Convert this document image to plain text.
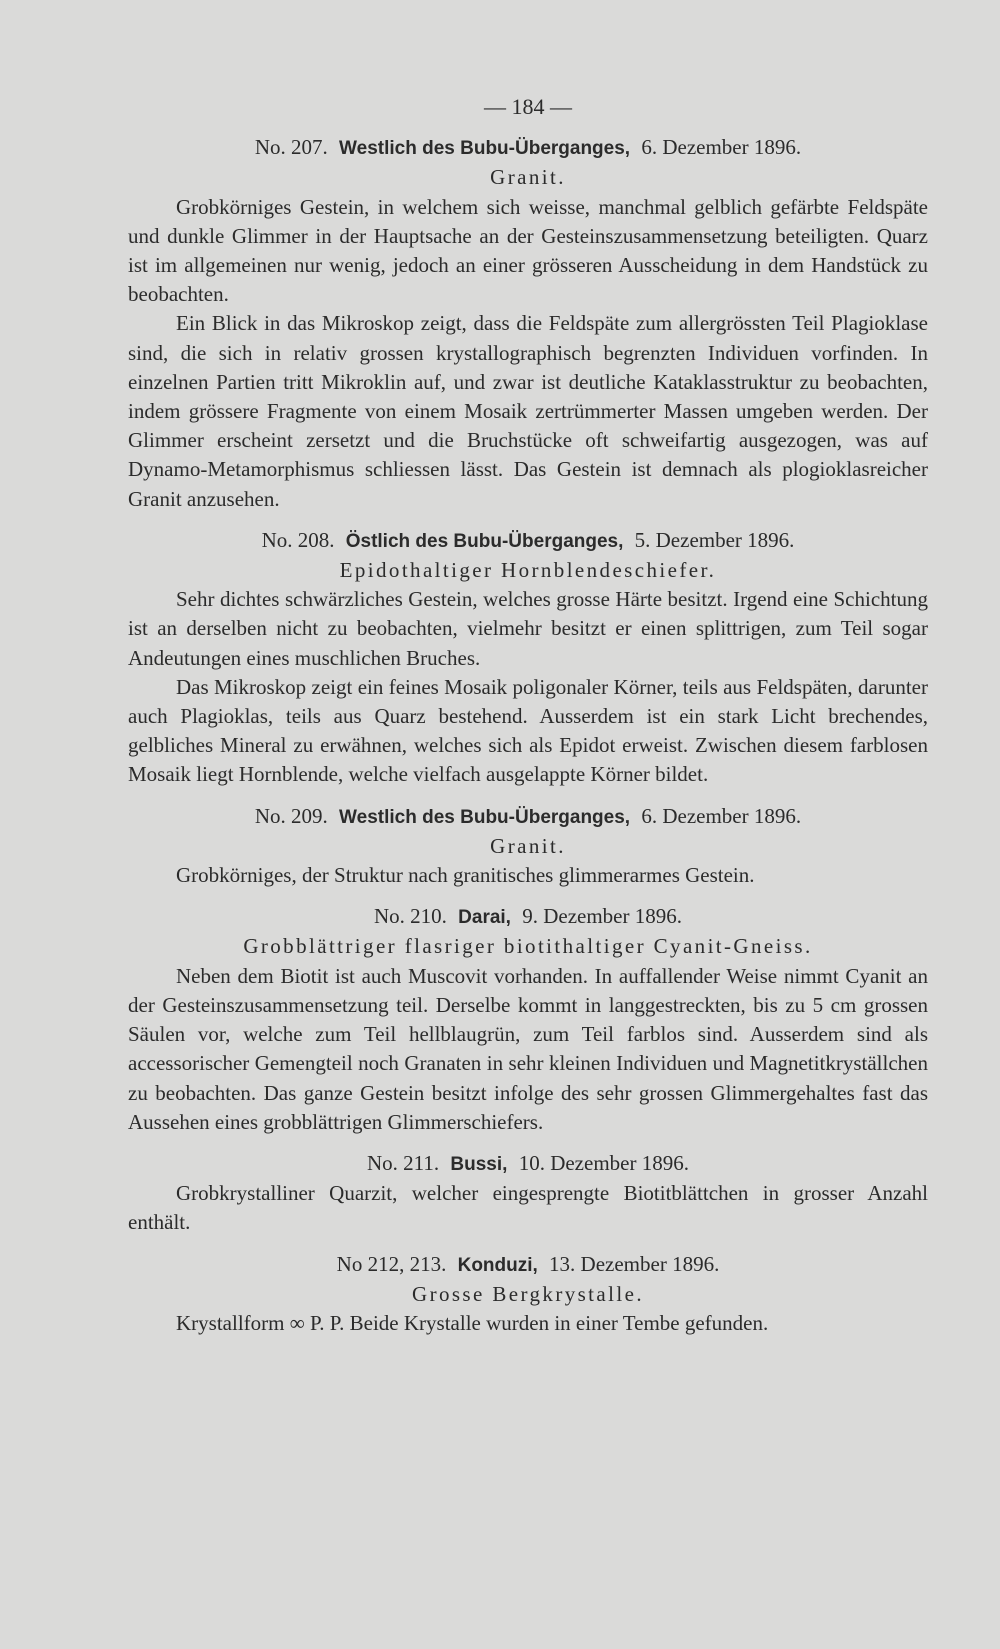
— 184 —
No. 207. Westlich des Bubu-Überganges, 6. Dezember 1896.
Granit.

Grobkörniges Gestein, in welchem sich weisse, manchmal gelblich gefärbte Feldspäte und dunkle Glimmer in der Hauptsache an der Gesteinszusammensetzung beteiligten. Quarz ist im allgemeinen nur wenig, jedoch an einer grösseren Ausscheidung in dem Handstück zu beobachten.

Ein Blick in das Mikroskop zeigt, dass die Feldspäte zum allergrössten Teil Plagioklase sind, die sich in relativ grossen krystallographisch begrenzten Individuen vorfinden. In einzelnen Partien tritt Mikroklin auf, und zwar ist deutliche Kataklasstruktur zu beobachten, indem grössere Fragmente von einem Mosaik zertrümmerter Massen umgeben werden. Der Glimmer erscheint zersetzt und die Bruchstücke oft schweifartig ausgezogen, was auf Dynamo-Metamorphismus schliessen lässt. Das Gestein ist demnach als plogioklasreicher Granit anzusehen.

No. 208. Östlich des Bubu-Überganges, 5. Dezember 1896.
Epidothaltiger Hornblendeschiefer.

Sehr dichtes schwärzliches Gestein, welches grosse Härte besitzt. Irgend eine Schichtung ist an derselben nicht zu beobachten, vielmehr besitzt er einen splittrigen, zum Teil sogar Andeutungen eines muschlichen Bruches.

Das Mikroskop zeigt ein feines Mosaik poligonaler Körner, teils aus Feldspäten, darunter auch Plagioklas, teils aus Quarz bestehend. Ausserdem ist ein stark Licht brechendes, gelbliches Mineral zu erwähnen, welches sich als Epidot erweist. Zwischen diesem farblosen Mosaik liegt Hornblende, welche vielfach ausgelappte Körner bildet.

No. 209. Westlich des Bubu-Überganges, 6. Dezember 1896.
Granit.

Grobkörniges, der Struktur nach granitisches glimmerarmes Gestein.

No. 210. Darai, 9. Dezember 1896.
Grobblättriger flasriger biotithaltiger Cyanit-Gneiss.

Neben dem Biotit ist auch Muscovit vorhanden. In auffallender Weise nimmt Cyanit an der Gesteinszusammensetzung teil. Derselbe kommt in langgestreckten, bis zu 5 cm grossen Säulen vor, welche zum Teil hellblaugrün, zum Teil farblos sind. Ausserdem sind als accessorischer Gemengteil noch Granaten in sehr kleinen Individuen und Magnetitkryställchen zu beobachten. Das ganze Gestein besitzt infolge des sehr grossen Glimmergehaltes fast das Aussehen eines grobblättrigen Glimmerschiefers.

No. 211. Bussi, 10. Dezember 1896.

Grobkrystalliner Quarzit, welcher eingesprengte Biotitblättchen in grosser Anzahl enthält.

No 212, 213. Konduzi, 13. Dezember 1896.
Grosse Bergkrystalle.

Krystallform ∞ P. P. Beide Krystalle wurden in einer Tembe gefunden.
